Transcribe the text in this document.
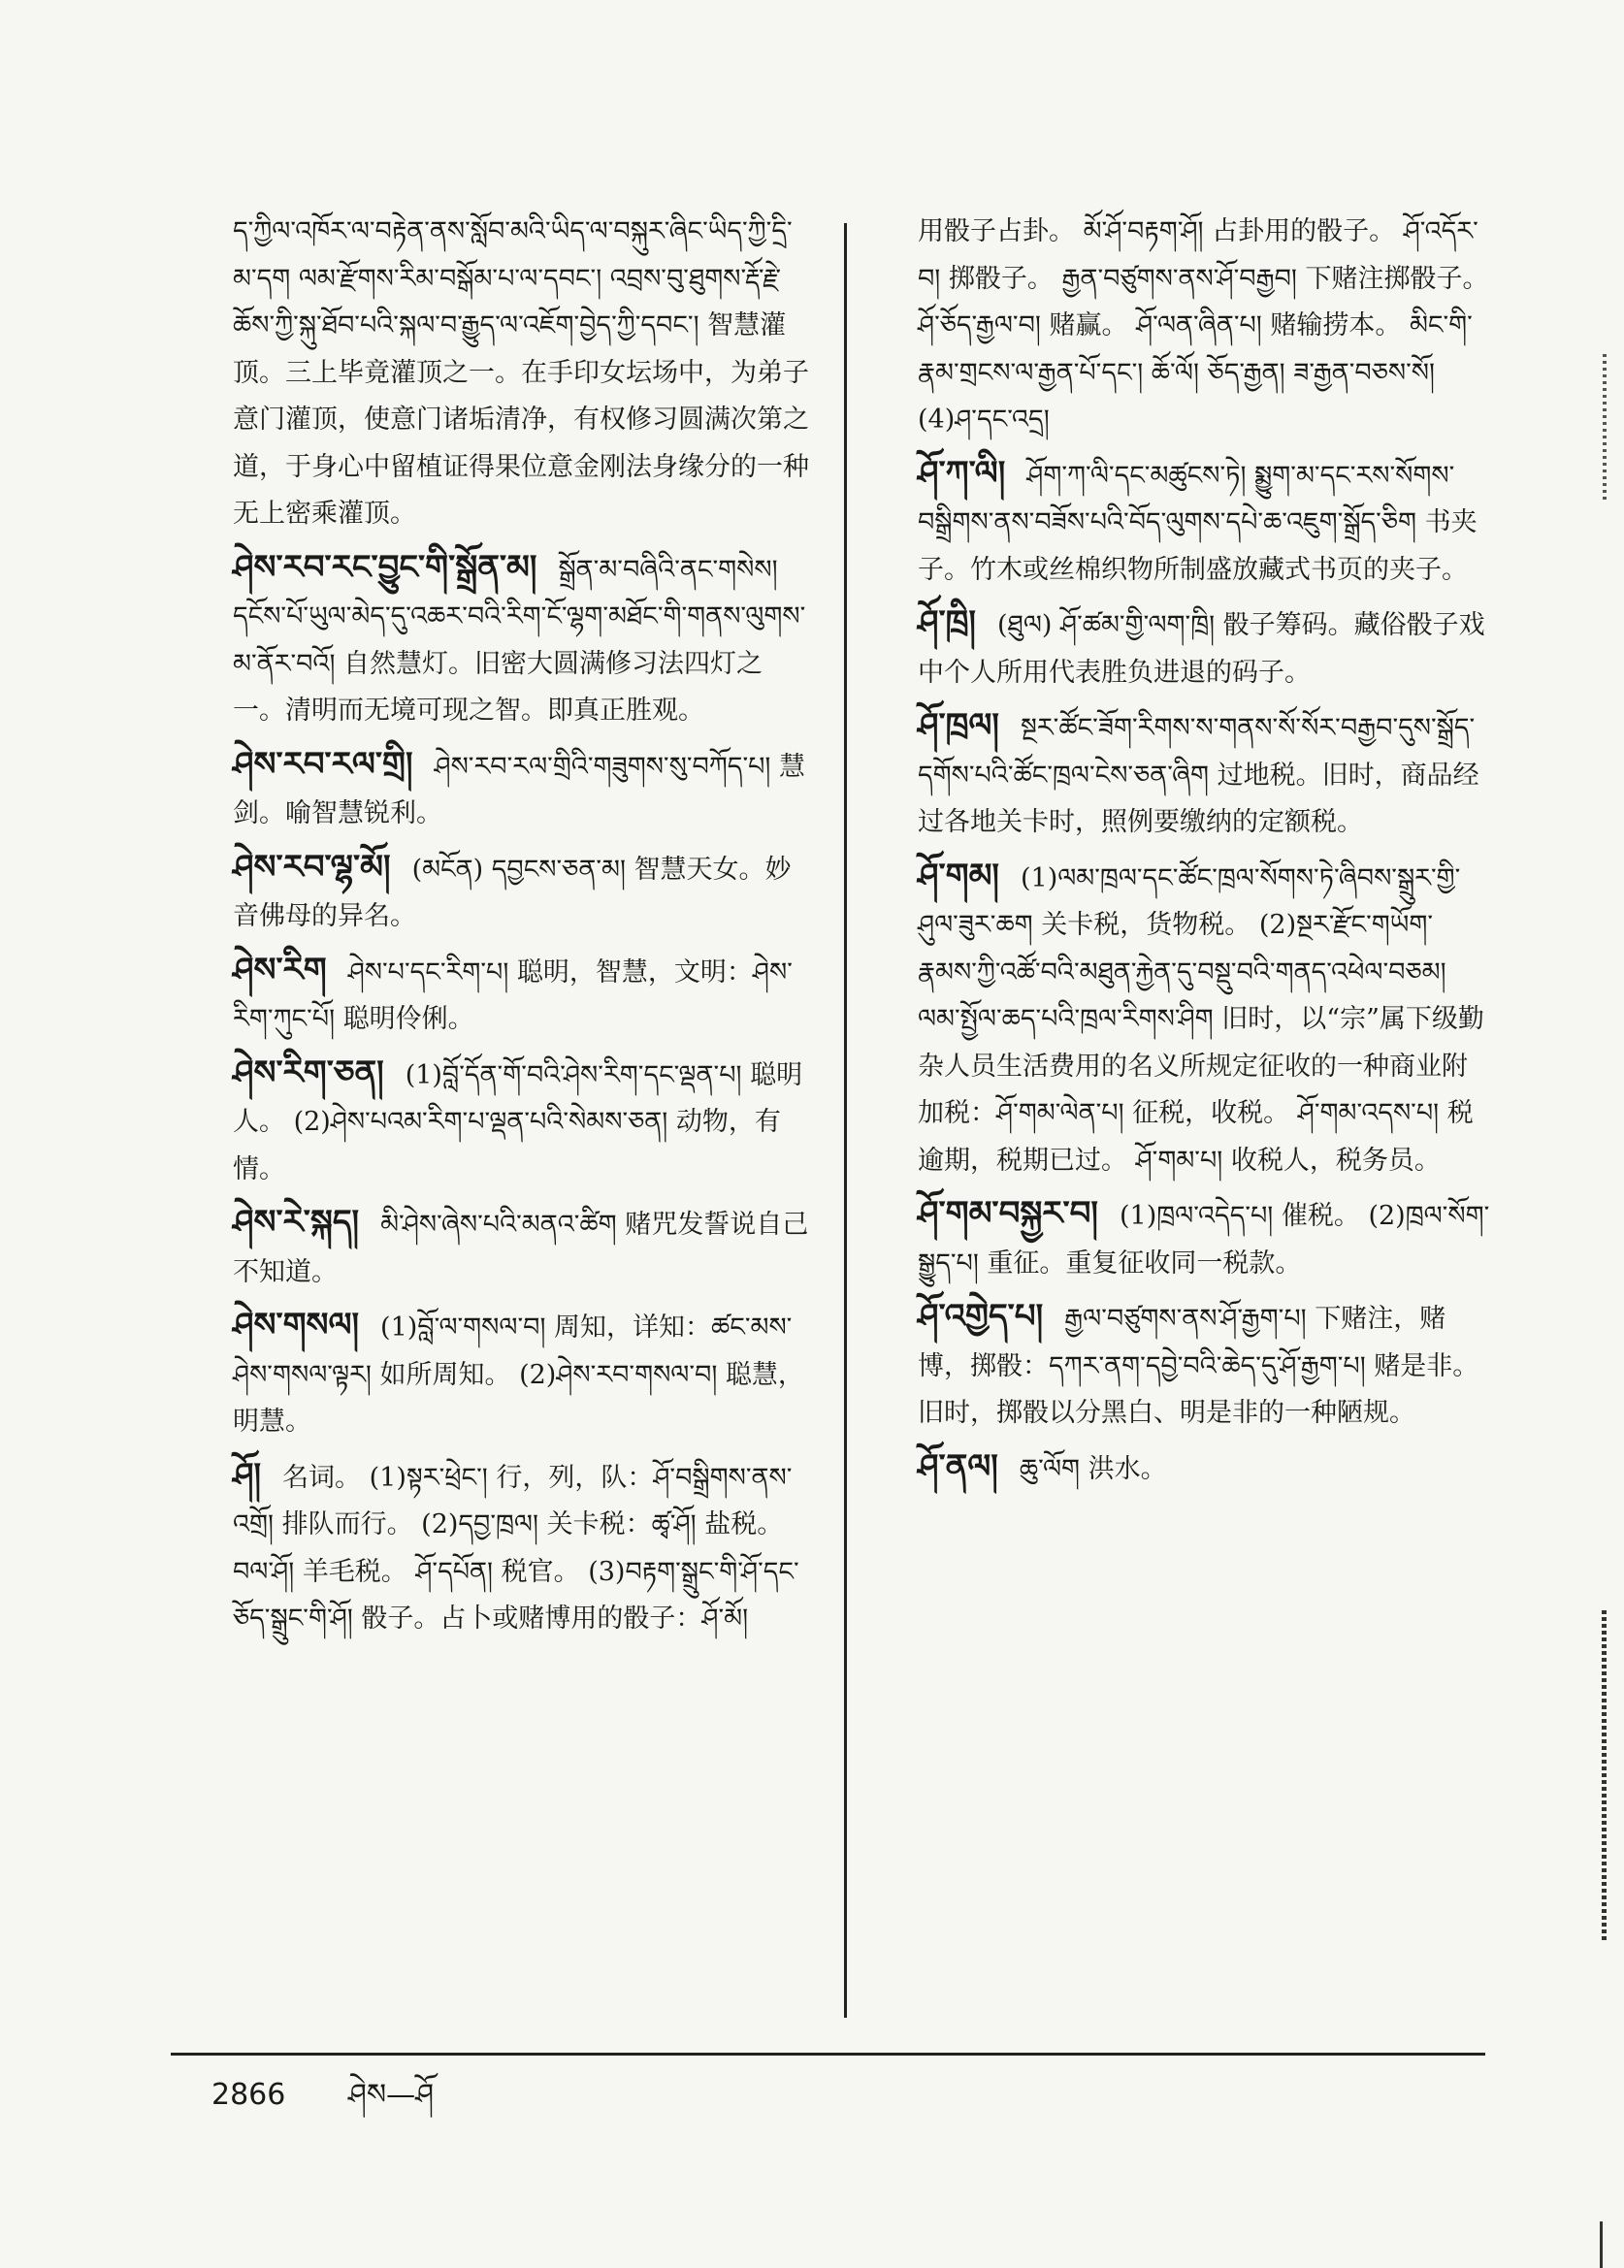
ད་ཀྱིལ་འཁོར་ལ་བརྟེན་ནས་སློབ་མའི་ཡིད་ལ་བསྐུར་ཞིང་ཡིད་ཀྱི་དྲི་མ་དག ལམ་རྫོགས་རིམ་བསྒོམ་པ་ལ་དབང་། འབྲས་བུ་ཐུགས་རྡོ་རྗེ་ཆོས་ཀྱི་སྐུ་ཐོབ་པའི་སྐལ་བ་རྒྱུད་ལ་འཇོག་བྱེད་ཀྱི་དབང་། 智慧灌顶。三上毕竟灌顶之一。在手印女坛场中，为弟子意门灌顶，使意门诸垢清净，有权修习圆满次第之道，于身心中留植证得果位意金刚法身缘分的一种无上密乘灌顶。
ཤེས་རབ་རང་བྱུང་གི་སྒྲོན་མ། སྒྲོན་མ་བཞིའི་ནང་གསེས། དངོས་པོ་ཡུལ་མེད་དུ་འཆར་བའི་རིག་ངོ་ལྷག་མཐོང་གི་གནས་ལུགས་མ་ནོར་བའོ། 自然慧灯。旧密大圆满修习法四灯之一。清明而无境可现之智。即真正胜观。
ཤེས་རབ་རལ་གྲི། ཤེས་རབ་རལ་གྲིའི་གཟུགས་སུ་བཀོད་པ། 慧剑。喻智慧锐利。
ཤེས་རབ་ལྷ་མོ། (མངོན) དབྱངས་ཅན་མ། 智慧天女。妙音佛母的异名。
ཤེས་རིག ཤེས་པ་དང་རིག་པ། 聪明，智慧，文明：ཤེས་རིག་ཀུང་པོ། 聪明伶俐。
ཤེས་རིག་ཅན། (1)བློ་དོན་གོ་བའི་ཤེས་རིག་དང་ལྡན་པ། 聪明人。 (2)ཤེས་པའམ་རིག་པ་ལྡན་པའི་སེམས་ཅན། 动物，有情。
ཤེས་རེ་སྐད། མི་ཤེས་ཞེས་པའི་མནའ་ཚིག 赌咒发誓说自己不知道。
ཤེས་གསལ། (1)བློ་ལ་གསལ་བ། 周知，详知：ཚང་མས་ཤེས་གསལ་ལྟར། 如所周知。 (2)ཤེས་རབ་གསལ་བ། 聪慧，明慧。
ཤོ། 名词。 (1)སྟར་ཕྲེང་། 行，列，队：ཤོ་བསྒྲིགས་ནས་འགྲོ། 排队而行。 (2)དབྱ་ཁྲལ། 关卡税：ཚྭ་ཤོ། 盐税。 བལ་ཤོ། 羊毛税。 ཤོ་དཔོན། 税官。 (3)བརྟག་སྒྲུང་གི་ཤོ་དང་ཅོད་སྒྲུང་གི་ཤོ། 骰子。占卜或赌博用的骰子：ཤོ་མོ།
用骰子占卦。 མོ་ཤོ་བརྟག་ཤོ། 占卦用的骰子。 ཤོ་འདོར་བ། 掷骰子。 རྒྱན་བཙུགས་ནས་ཤོ་བརྒྱབ། 下赌注掷骰子。 ཤོ་ཅོད་རྒྱལ་བ། 赌赢。 ཤོ་ལན་ཞིན་པ། 赌输捞本。 མིང་གི་རྣམ་གྲངས་ལ་རྒྱན་པོ་དང་། ཆོ་ལོ། ཅོད་རྒྱན། ཟ་རྒྱན་བཅས་སོ། (4)ཤ་དང་འདྲ།
ཤོ་ཀ་ལི། ཤོག་ཀ་ལི་དང་མཚུངས་ཏེ། སྨྱུག་མ་དང་རས་སོགས་བསྒྲིགས་ནས་བཟོས་པའི་བོད་ལུགས་དཔེ་ཆ་འཇུག་སྒྲོད་ཅིག 书夹子。竹木或丝棉织物所制盛放藏式书页的夹子。
ཤོ་ཁྲི། (ཐུལ) ཤོ་ཚམ་གྱི་ལག་ཁྲི། 骰子筹码。藏俗骰子戏中个人所用代表胜负进退的码子。
ཤོ་ཁྲལ། སྔར་ཚོང་ཟོག་རིགས་ས་གནས་སོ་སོར་བརྒྱབ་དུས་སྒྲོད་དགོས་པའི་ཚོང་ཁྲལ་ངེས་ཅན་ཞིག 过地税。旧时，商品经过各地关卡时，照例要缴纳的定额税。
ཤོ་གམ། (1)ལམ་ཁྲལ་དང་ཚོང་ཁྲལ་སོགས་ཏེ་ཞིབས་སྒྲུར་གྱི་ཤུལ་ཟུར་ཆག 关卡税，货物税。 (2)སྔར་རྫོང་གཡོག་རྣམས་ཀྱི་འཚོ་བའི་མཐུན་རྐྱེན་དུ་བསྡུ་བའི་གནད་འཕེལ་བཅམ། ལམ་སྤྱོལ་ཆད་པའི་ཁྲལ་རིགས་ཤིག 旧时，以“宗”属下级勤杂人员生活费用的名义所规定征收的一种商业附加税：ཤོ་གམ་ལེན་པ། 征税，收税。 ཤོ་གམ་འདས་པ། 税逾期，税期已过。 ཤོ་གམ་པ། 收税人，税务员。
ཤོ་གམ་བསྐྱར་བ། (1)ཁྲལ་འདེད་པ། 催税。 (2)ཁྲལ་སོག་སྒྱུད་པ། 重征。重复征收同一税款。
ཤོ་འགྱེད་པ། རྒྱལ་བཙུགས་ནས་ཤོ་རྒྱག་པ། 下赌注，赌博，掷骰：དཀར་ནག་དབྱེ་བའི་ཆེད་དུ་ཤོ་རྒྱག་པ། 赌是非。旧时，掷骰以分黑白、明是非的一种陋规。
ཤོ་ནལ། ཆུ་ལོག 洪水。
2866 ཤེས—ཤོ
